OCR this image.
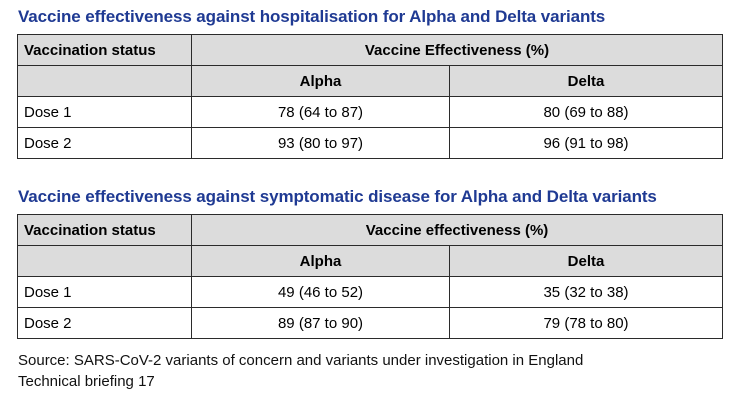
Vaccine effectiveness against hospitalisation for Alpha and Delta variants
Vaccination status	Vaccine Effectiveness (%)	
	Alpha	Delta
Dose 1	78 (64 to 87)	80 (69 to 88)
Dose 2	93 (80 to 97)	96 (91 to 98)
Vaccine effectiveness against symptomatic disease for Alpha and Delta variants
Vaccination status	Vaccine effectiveness (%)	
	Alpha	Delta
Dose 1	49 (46 to 52)	35 (32 to 38)
Dose 2	89 (87 to 90)	79 (78 to 80)
Source: SARS-CoV-2 variants of concern and variants under investigation in England
Technical briefing 17
